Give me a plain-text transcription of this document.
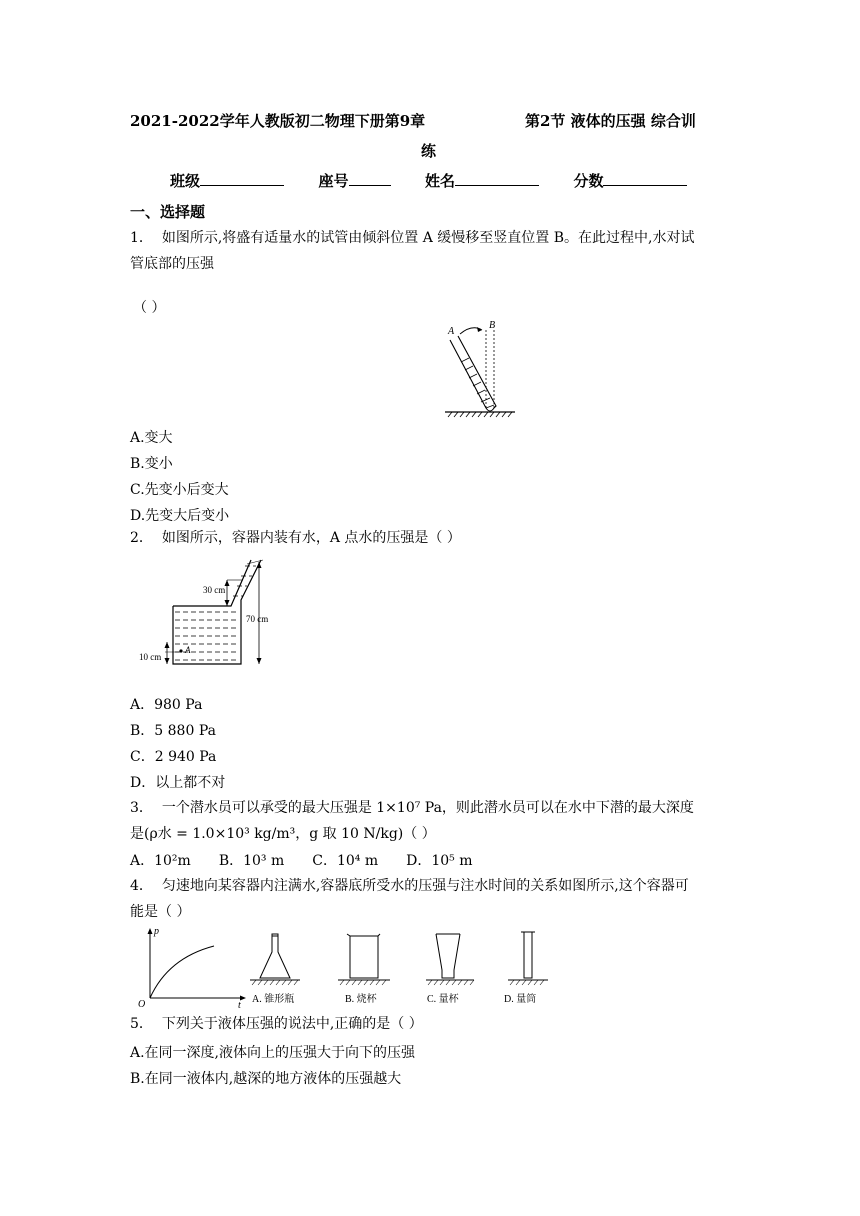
2021-2022学年人教版初二物理下册第9章	第2节 液体的压强 综合训
练
班级	座号	姓名	分数
一、选择题
1． 如图所示,将盛有适量水的试管由倾斜位置 A 缓慢移至竖直位置 B。在此过程中,水对试
管底部的压强
（ ）
A
B
A.变大
B.变小
C.先变小后变大
D.先变大后变小
2． 如图所示，容器内装有水，A 点水的压强是（ ）
30 cm
70 cm
10 cm
A
A．980 Pa
B．5 880 Pa
C．2 940 Pa
D．以上都不对
3． 一个潜水员可以承受的最大压强是 1×10⁷ Pa，则此潜水员可以在水中下潜的最大深度
是(ρ水 = 1.0×10³ kg/m³，g 取 10 N/kg)（ ）
A．10²m B．10³ m C．10⁴ m D．10⁵ m
4． 匀速地向某容器内注满水,容器底所受水的压强与注水时间的关系如图所示,这个容器可
能是（ ）
p
t
O	A. 锥形瓶	B. 烧杯	C. 量杯	D. 量筒
5． 下列关于液体压强的说法中,正确的是（ ）
A.在同一深度,液体向上的压强大于向下的压强
B.在同一液体内,越深的地方液体的压强越大
